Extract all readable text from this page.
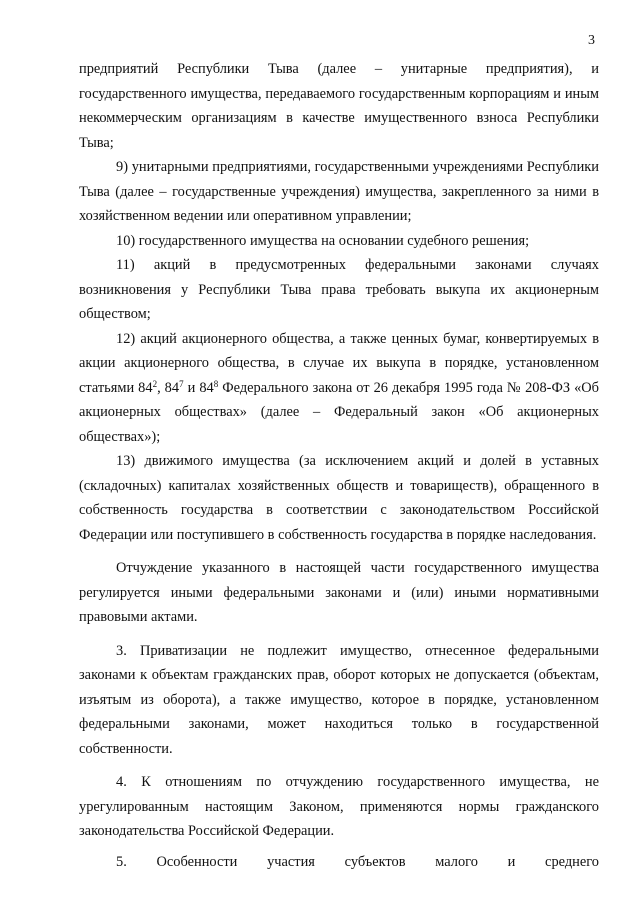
3

предприятий Республики Тыва (далее – унитарные предприятия), и государственного имущества, передаваемого государственным корпорациям и иным некоммерческим организациям в качестве имущественного взноса Республики Тыва;

9) унитарными предприятиями, государственными учреждениями Республики Тыва (далее – государственные учреждения) имущества, закрепленного за ними в хозяйственном ведении или оперативном управлении;

10) государственного имущества на основании судебного решения;

11) акций в предусмотренных федеральными законами случаях возникновения у Республики Тыва права требовать выкупа их акционерным обществом;

12) акций акционерного общества, а также ценных бумаг, конвертируемых в акции акционерного общества, в случае их выкупа в порядке, установленном статьями $84^2$, $84^7$ и $84^8$ Федерального закона от 26 декабря 1995 года № 208-ФЗ «Об акционерных обществах» (далее – Федеральный закон «Об акционерных обществах»);

13) движимого имущества (за исключением акций и долей в уставных (складочных) капиталах хозяйственных обществ и товариществ), обращенного в собственность государства в соответствии с законодательством Российской Федерации или поступившего в собственность государства в порядке наследования.

Отчуждение указанного в настоящей части государственного имущества регулируется иными федеральными законами и (или) иными нормативными правовыми актами.

3. Приватизации не подлежит имущество, отнесенное федеральными законами к объектам гражданских прав, оборот которых не допускается (объектам, изъятым из оборота), а также имущество, которое в порядке, установленном федеральными законами, может находиться только в государственной собственности.

4. К отношениям по отчуждению государственного имущества, не урегулированным настоящим Законом, применяются нормы гражданского законодательства Российской Федерации.

5. Особенности участия субъектов малого и среднего
